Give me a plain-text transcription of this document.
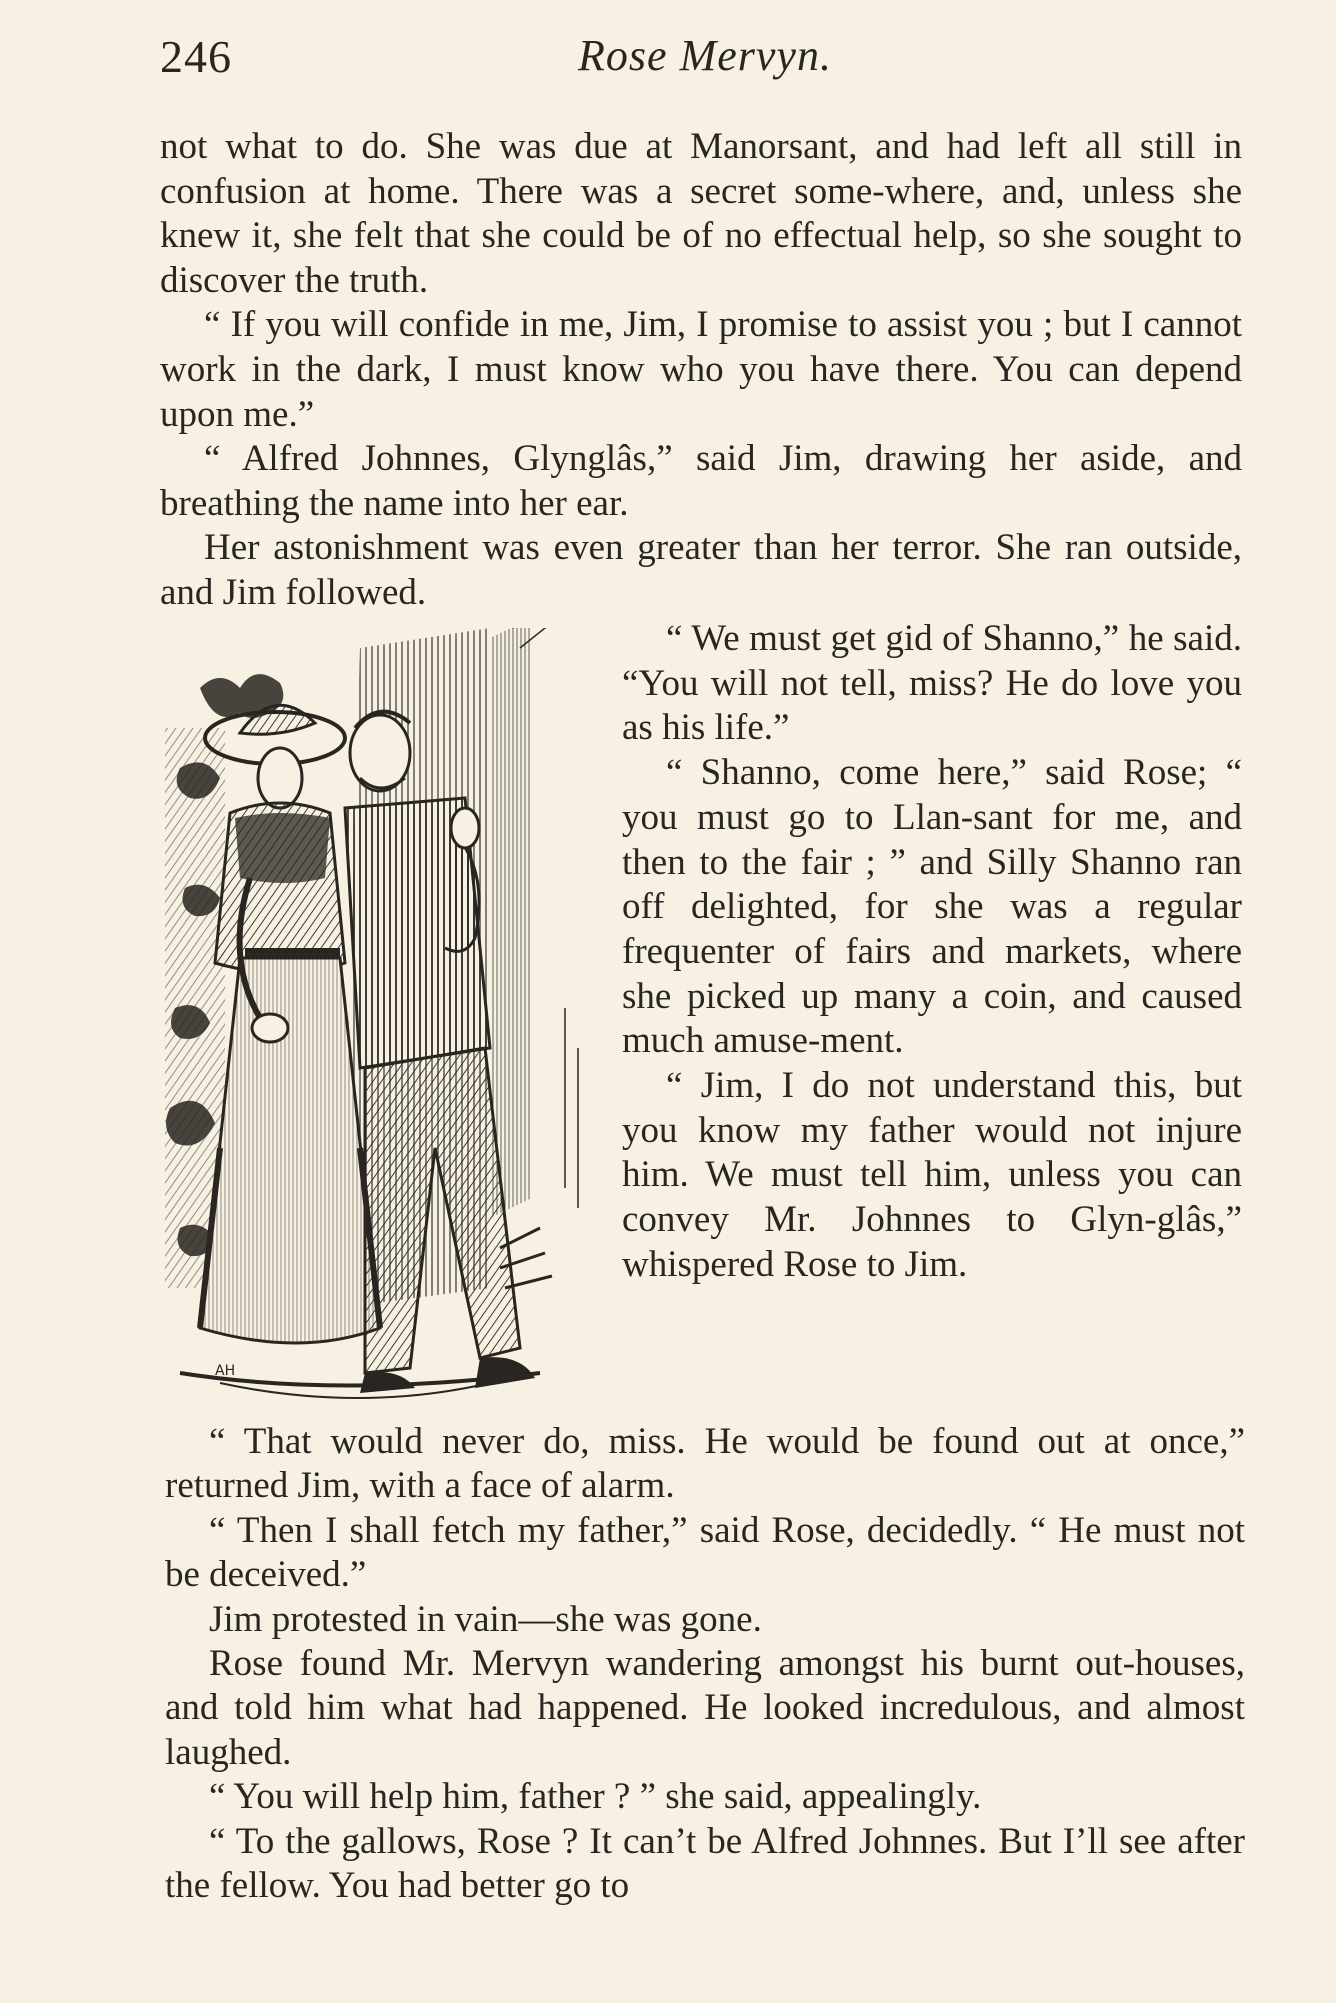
246	Rose Mervyn.

not what to do. She was due at Manorsant, and had left all still in confusion at home. There was a secret some-where, and, unless she knew it, she felt that she could be of no effectual help, so she sought to discover the truth.

“ If you will confide in me, Jim, I promise to assist you ; but I cannot work in the dark, I must know who you have there. You can depend upon me.”

“ Alfred Johnnes, Glynglâs,” said Jim, drawing her aside, and breathing the name into her ear.

Her astonishment was even greater than her terror. She ran outside, and Jim followed.

AH

“ We must get gid of Shanno,” he said. “You will not tell, miss? He do love you as his life.”

“ Shanno, come here,” said Rose; “ you must go to Llan-sant for me, and then to the fair ; ” and Silly Shanno ran off delighted, for she was a regular frequenter of fairs and markets, where she picked up many a coin, and caused much amuse-ment.

“ Jim, I do not understand this, but you know my father would not injure him. We must tell him, unless you can convey Mr. Johnnes to Glyn-glâs,” whispered Rose to Jim.

“ That would never do, miss. He would be found out at once,” returned Jim, with a face of alarm.

“ Then I shall fetch my father,” said Rose, decidedly. “ He must not be deceived.”

Jim protested in vain—she was gone.

Rose found Mr. Mervyn wandering amongst his burnt out-houses, and told him what had happened. He looked incredulous, and almost laughed.

“ You will help him, father ? ” she said, appealingly.

“ To the gallows, Rose ? It can’t be Alfred Johnnes. But I’ll see after the fellow. You had better go to
